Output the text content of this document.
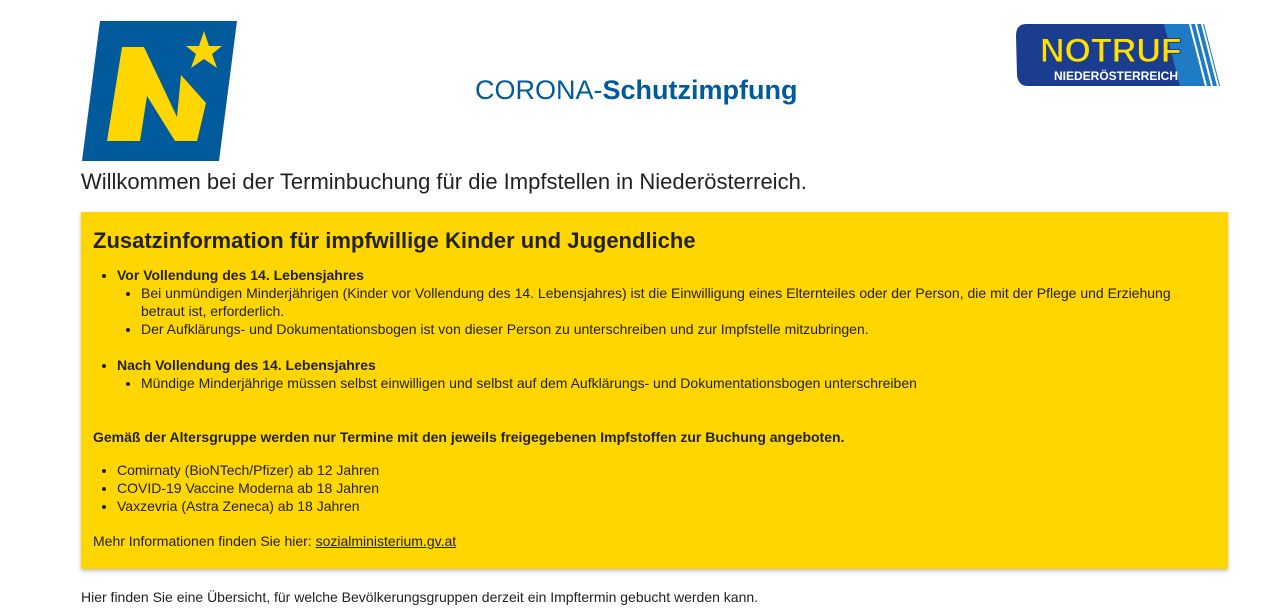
NOTRUF
NIEDERÖSTERREICH
CORONA-Schutzimpfung
Willkommen bei der Terminbuchung für die Impfstellen in Niederösterreich.
Zusatzinformation für impfwillige Kinder und Jugendliche
• Vor Vollendung des 14. Lebensjahres
• Bei unmündigen Minderjährigen (Kinder vor Vollendung des 14. Lebensjahres) ist die Einwilligung eines Elternteiles oder der Person, die mit der Pflege und Erziehung betraut ist, erforderlich.
• Der Aufklärungs- und Dokumentationsbogen ist von dieser Person zu unterschreiben und zur Impfstelle mitzubringen.

• Nach Vollendung des 14. Lebensjahres
• Mündige Minderjährige müssen selbst einwilligen und selbst auf dem Aufklärungs- und Dokumentationsbogen unterschreiben

Gemäß der Altersgruppe werden nur Termine mit den jeweils freigegebenen Impfstoffen zur Buchung angeboten.

• Comirnaty (BioNTech/Pfizer) ab 12 Jahren
• COVID-19 Vaccine Moderna ab 18 Jahren
• Vaxzevria (Astra Zeneca) ab 18 Jahren

Mehr Informationen finden Sie hier: sozialministerium.gv.at

Hier finden Sie eine Übersicht, für welche Bevölkerungsgruppen derzeit ein Impftermin gebucht werden kann.
